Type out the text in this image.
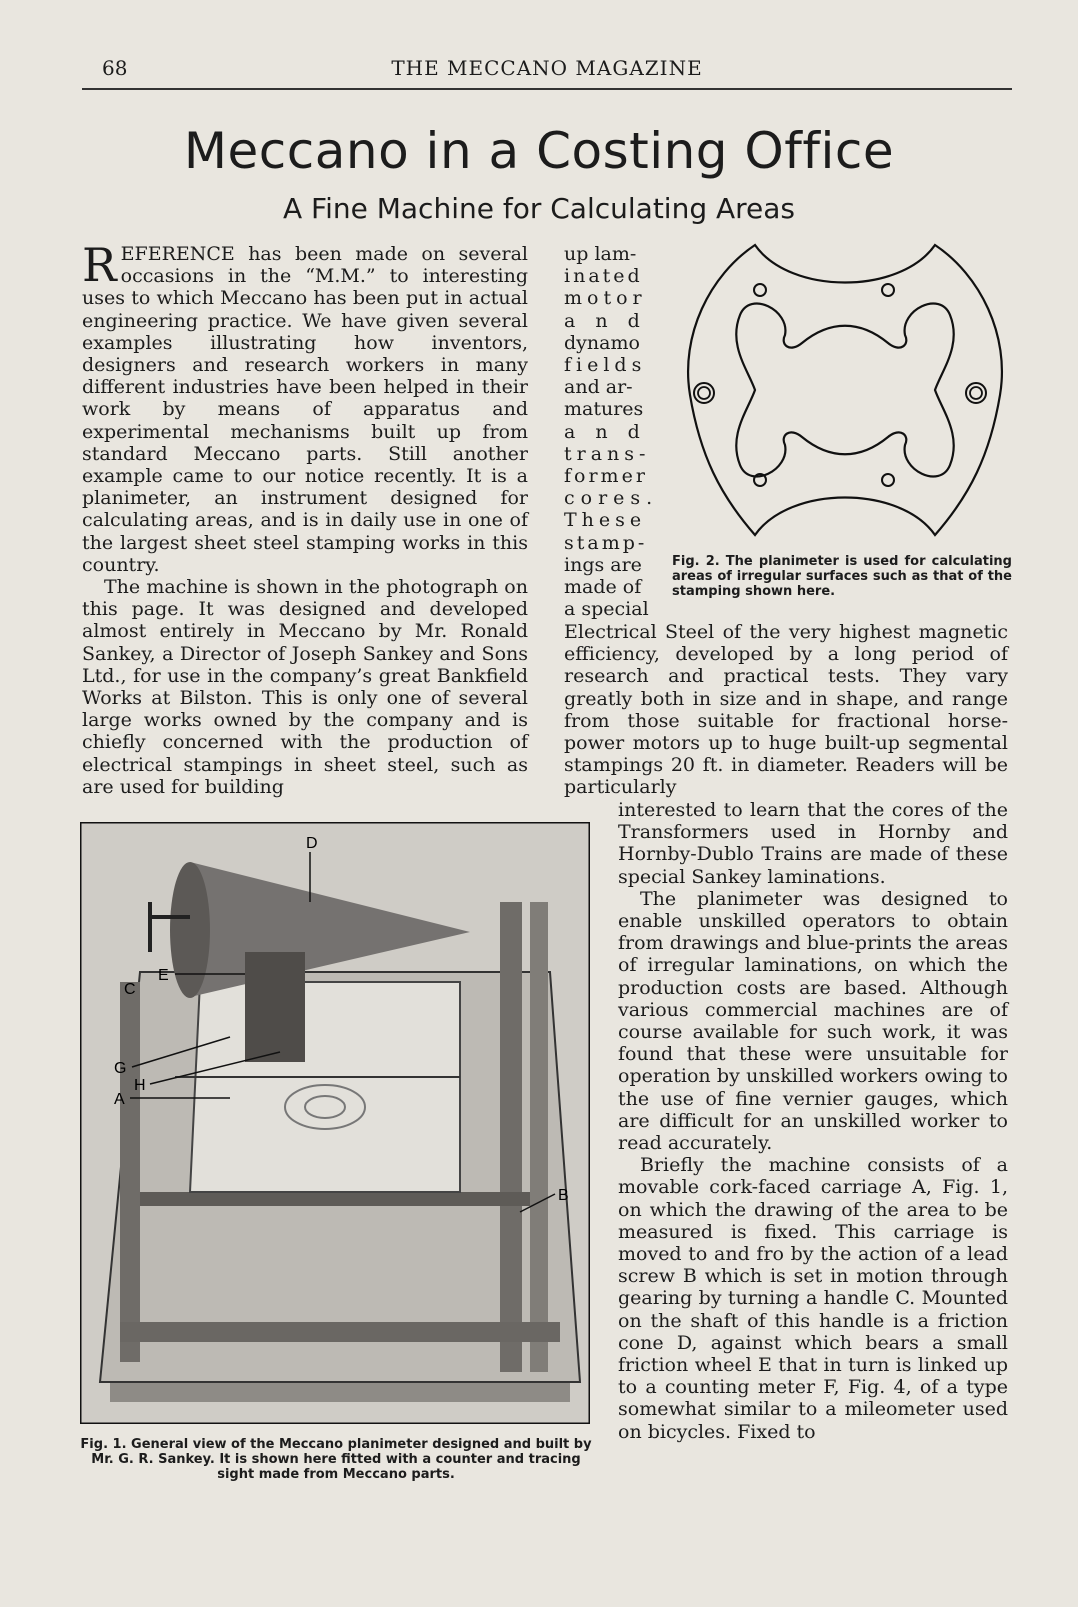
68	THE MECCANO MAGAZINE
Meccano in a Costing Office
A Fine Machine for Calculating Areas

REFERENCE has been made on several occasions in the “M.M.” to interesting uses to which Meccano has been put in actual engineering practice. We have given several examples illustrating how inventors, designers and research workers in many different industries have been helped in their work by means of apparatus and experimental mechanisms built up from standard Meccano parts. Still another example came to our notice recently. It is a planimeter, an instrument designed for calculating areas, and is in daily use in one of the largest sheet steel stamping works in this country.

The machine is shown in the photograph on this page. It was designed and developed almost entirely in Meccano by Mr. Ronald Sankey, a Director of Joseph Sankey and Sons Ltd., for use in the company’s great Bankfield Works at Bilston. This is only one of several large works owned by the company and is chiefly concerned with the production of electrical stampings in sheet steel, such as are used for building

up lam-
inated
motor
and
dynamo
fields
and ar-
matures
and
trans-
former
cores.
These
stamp-
ings are
made of
a special
Fig. 2. The planimeter is used for calculating areas of irregular surfaces such as that of the stamping shown here.

Electrical Steel of the very highest magnetic efficiency, developed by a long period of research and practical tests. They vary greatly both in size and in shape, and range from those suitable for fractional horse-power motors up to huge built-up segmental stampings 20 ft. in diameter. Readers will be particularly

interested to learn that the cores of the Transformers used in Hornby and Hornby-Dublo Trains are made of these special Sankey laminations.

The planimeter was designed to enable unskilled operators to obtain from drawings and blue-prints the areas of irregular laminations, on which the production costs are based. Although various commercial machines are of course available for such work, it was found that these were unsuitable for operation by unskilled workers owing to the use of fine vernier gauges, which are difficult for an unskilled worker to read accurately.

Briefly the machine consists of a movable cork-faced carriage A, Fig. 1, on which the drawing of the area to be measured is fixed. This carriage is moved to and fro by the action of a lead screw B which is set in motion through gearing by turning a handle C. Mounted on the shaft of this handle is a friction cone D, against which bears a small friction wheel E that in turn is linked up to a counting meter F, Fig. 4, of a type somewhat similar to a mileometer used on bicycles. Fixed to

D
E
C
G
H
A
B
Fig. 1. General view of the Meccano planimeter designed and built by Mr. G. R. Sankey. It is shown here fitted with a counter and tracing sight made from Meccano parts.
